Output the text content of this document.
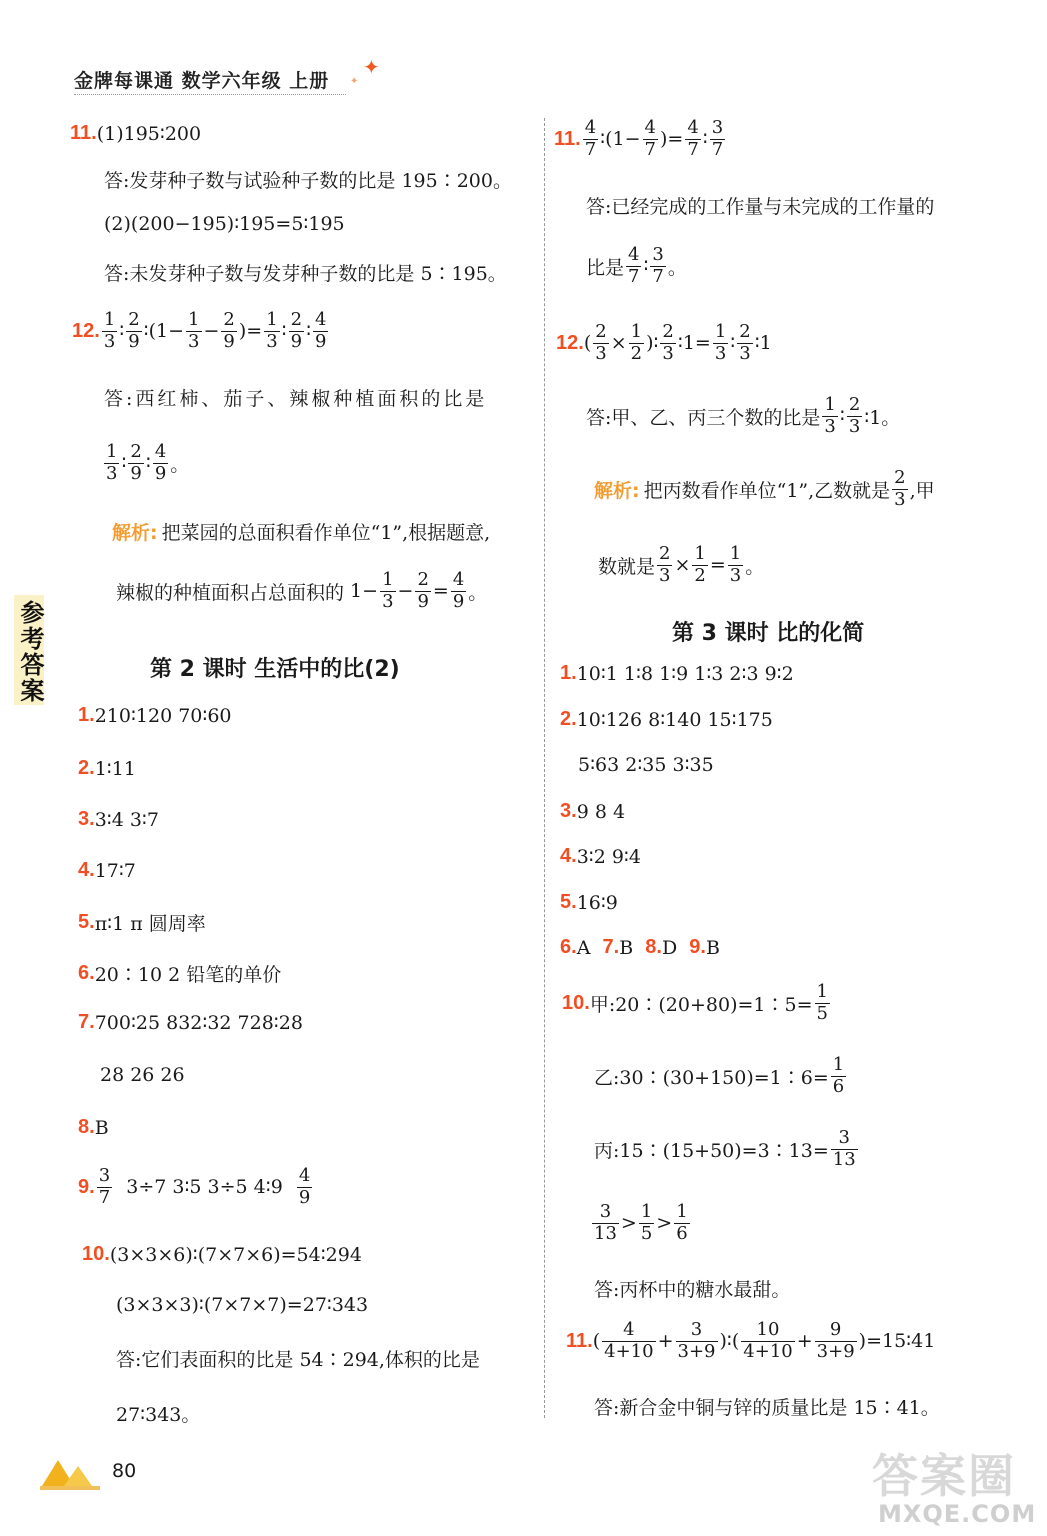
金牌每课通 数学六年级 上册
✦
✦
参考答案
11. (1)195∶200
答:发芽种子数与试验种子数的比是 195∶200。
(2)(200−195)∶195=5∶195
答:未发芽种子数与发芽种子数的比是 5∶195。
12.
1
3 ∶
2
9 ∶(1−
1
3 −
2
9 )=
1
3 ∶
2
9 ∶
4
9
答:西红柿、茄子、辣椒种植面积的比是
1
3 ∶
2
9 ∶
4
9 。
解析: 把菜园的总面积看作单位“1”,根据题意,
辣椒的种植面积占总面积的 1−
1
3 −
2
9 =
4
9 。
第 2 课时 生活中的比(2)
1. 210∶120 70∶60
2. 1∶11
3. 3∶4 3∶7
4. 17∶7
5. π∶1 π 圆周率
6. 20∶10 2 铅笔的单价
7. 700∶25 832∶32 728∶28
28 26 26
8. B
9.
3
7
3÷7 3∶5 3÷5 4∶9

4
9
10. (3×3×6)∶(7×7×6)=54∶294
(3×3×3)∶(7×7×7)=27∶343
答:它们表面积的比是 54∶294,体积的比是
27∶343。
11.
4
7 ∶(1−
4
7 )=
4
7 ∶
3
7
答:已经完成的工作量与未完成的工作量的
比是
4
7 ∶
3
7 。
12. (
2
3 ×
1
2 )∶
2
3 ∶1=
1
3 ∶
2
3 ∶1
答:甲、乙、丙三个数的比是
1
3 ∶
2
3 ∶1。
解析: 把丙数看作单位“1”,乙数就是
2
3 ,甲
数就是
2
3 ×
1
2 =
1
3 。
第 3 课时 比的化简
1. 10∶1 1∶8 1∶9 1∶3 2∶3 9∶2
2. 10∶126 8∶140 15∶175
5∶63 2∶35 3∶35
3. 9 8 4
4. 3∶2 9∶4
5. 16∶9
6. A
7. B
8. D
9. B
10. 甲:20∶(20+80)=1∶5= $\frac{1}{5}$
乙:30∶(30+150)=1∶6= $\frac{1}{6}$
丙:15∶(15+50)=3∶13= $\frac{3}{13}$
3
13 >
1
5 >
1
6
答:丙杯中的糖水最甜。
11. (
4
4+10 +
3
3+9 )∶(
10
4+10 +
9
3+9 )=15∶41
答:新合金中铜与锌的质量比是 15∶41。
80	答案圈
MXQE.COM
